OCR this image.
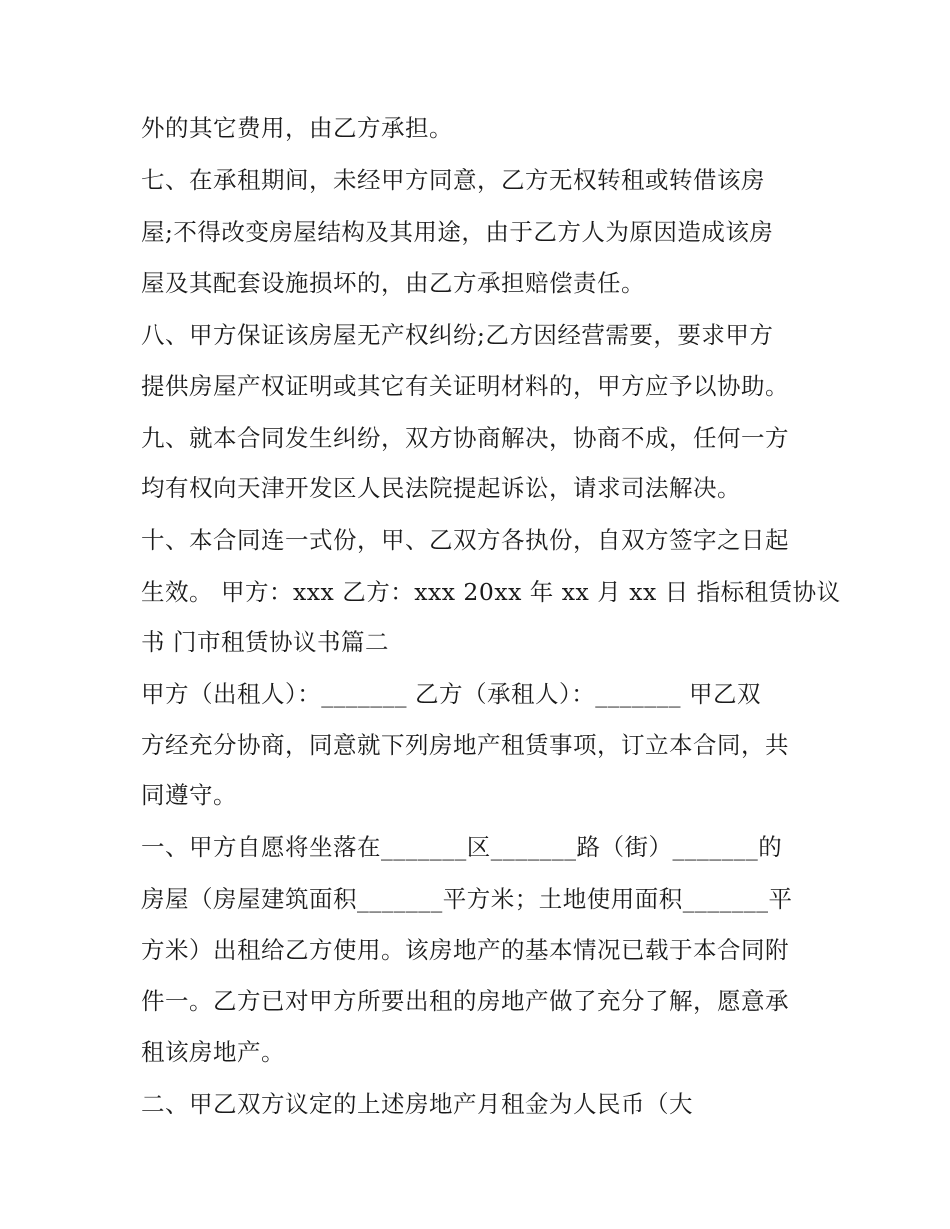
外的其它费用，由乙方承担。
七、在承租期间，未经甲方同意，乙方无权转租或转借该房
屋;不得改变房屋结构及其用途，由于乙方人为原因造成该房
屋及其配套设施损坏的，由乙方承担赔偿责任。
八、甲方保证该房屋无产权纠纷;乙方因经营需要，要求甲方
提供房屋产权证明或其它有关证明材料的，甲方应予以协助。
九、就本合同发生纠纷，双方协商解决，协商不成，任何一方
均有权向天津开发区人民法院提起诉讼，请求司法解决。
十、本合同连一式份，甲、乙双方各执份，自双方签字之日起
生效。 甲方：xxx 乙方：xxx 20xx 年 xx 月 xx 日 指标租赁协议
书 门市租赁协议书篇二
甲方（出租人）：_______ 乙方（承租人）：_______ 甲乙双
方经充分协商，同意就下列房地产租赁事项，订立本合同，共
同遵守。
一、甲方自愿将坐落在_______区_______路（街）_______的
房屋（房屋建筑面积_______平方米；土地使用面积_______平
方米）出租给乙方使用。该房地产的基本情况已载于本合同附
件一。乙方已对甲方所要出租的房地产做了充分了解，愿意承
租该房地产。
二、甲乙双方议定的上述房地产月租金为人民币（大
